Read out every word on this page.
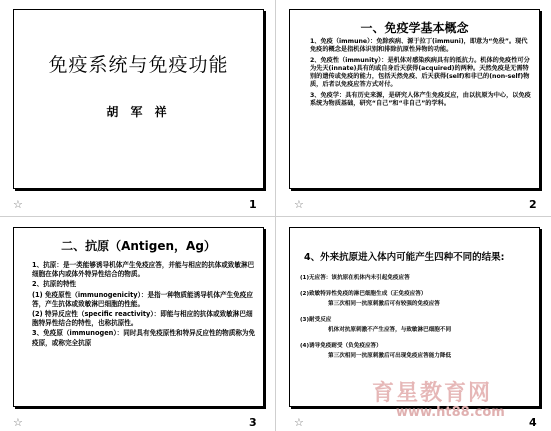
免疫系统与免疫功能
胡 军 祥
☆	1
一、免疫学基本概念

1、免疫（immune）：免除疾病、源于拉丁(immuni)，即意为“免役”。现代免疫的概念是指机体识别和排除抗原性异物的功能。

2、免疫性（immunity）：是机体对感染疾病具有的抵抗力。机体的免疫性可分为先天(innate)具有的或自身后天获得(acquired)的两种。天然免疫是无需特别的遗传或免疫的能力，包括天然免疫、后天获得(self)和非已的(non-self)物质，后者以免疫应答方式对付。

3、免疫学：具有历史来源，是研究人体产生免疫反应，由以抗原为中心，以免疫系统为物质基础，研究“自己”和“非自己”的学科。

☆	2
二、抗原（Antigen，Ag）

1、抗原：是一类能够诱导机体产生免疫应答，并能与相应的抗体或致敏淋巴细胞在体内或体外特异性结合的物质。

2、抗原的特性

(1) 免疫原性（immunogenicity）：是指一种物质能诱导机体产生免疫应答，产生抗体或致敏淋巴细胞的性能。

(2) 特异反应性（specific reactivity）：即能与相应的抗体或致敏淋巴细胞特异性结合的特性，也称抗原性。

3、免疫原（immunogen）：同时具有免疫原性和特异反应性的物质称为免疫原，或称完全抗原

☆	3
4、外来抗原进入体内可能产生四种不同的结果:

(1)无应答：该抗原在机体内未引起免疫应答

(2)致敏特异性免疫的淋巴细胞生成（正免疫应答）

第三次相同一抗原刺激后可有较强的免疫应答

(3)耐受反应

机体对抗原刺激不产生应答，与致敏淋巴细胞不同

(4)诱导免疫耐受（负免疫应答）

第三次相同一抗原刺激后可出现免疫应答能力降低

☆	4
育星教育网
www.ht88.com
